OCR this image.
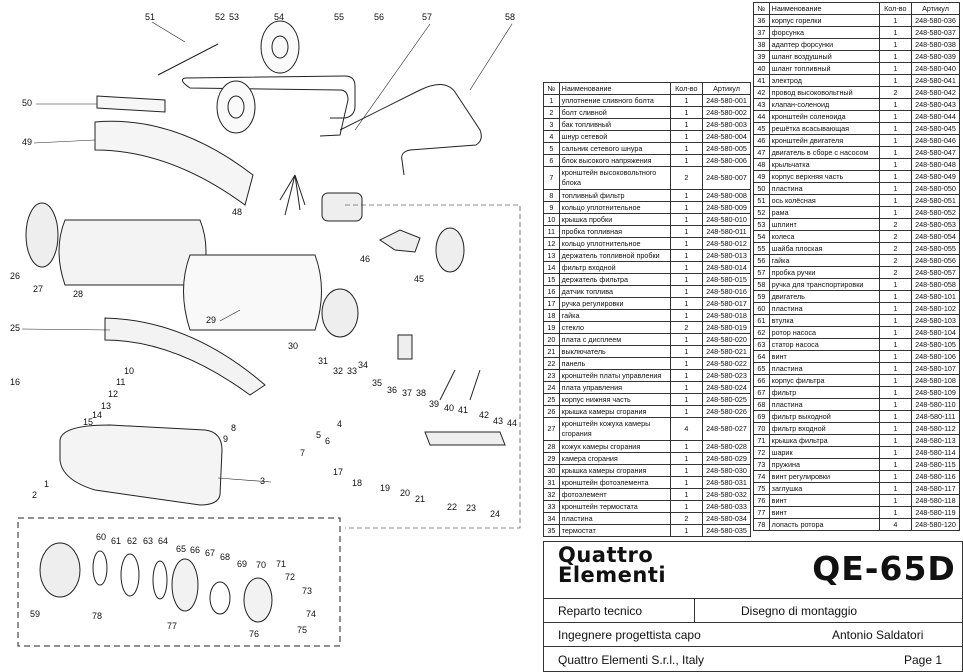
51	52 53	54	55	56	57	58
50
49
48
46
45
26
27	28
29
25
30
31
32 33
34
35
36 37 38
39 40 41 42
43 44
16
10
11
12
13
14
15
8
9
4
6
5
7
17
18 19 20
21
22 23
24
3
1
2
60 61 62 63 64
65 66 67 68
69 70 71
72
73
74
75
76
77
78
59
№	Наименование	Кол-во	Артикул
1	уплотнение сливного болта	1	248-580-001
2	болт сливной	1	248-580-002
3	бак топливный	1	248-580-003
4	шнур сетевой	1	248-580-004
5	сальник сетевого шнура	1	248-580-005
6	блок высокого напряжения	1	248-580-006
7	кронштейн высоковольтного блока	2	248-580-007
8	топливный фильтр	1	248-580-008
9	кольцо уплотнительное	1	248-580-009
10	крышка пробки	1	248-580-010
11	пробка топливная	1	248-580-011
12	кольцо уплотнительное	1	248-580-012
13	держатель топливной пробки	1	248-580-013
14	фильтр входной	1	248-580-014
15	держатель фильтра	1	248-580-015
16	датчик топлива	1	248-580-016
17	ручка регулировки	1	248-580-017
18	гайка	1	248-580-018
19	стекло	2	248-580-019
20	плата с дисплеем	1	248-580-020
21	выключатель	1	248-580-021
22	панель	1	248-580-022
23	кронштейн платы управления	1	248-580-023
24	плата управления	1	248-580-024
25	корпус нижняя часть	1	248-580-025
26	крышка камеры сгорания	1	248-580-026
27	кронштейн кожуха камеры сгорания	4	248-580-027
28	кожух камеры сгорания	1	248-580-028
29	камера сгорания	1	248-580-029
30	крышка камеры сгорания	1	248-580-030
31	кронштейн фотоэлемента	1	248-580-031
32	фотоэлемент	1	248-580-032
33	кронштейн термостата	1	248-580-033
34	пластина	2	248-580-034
35	термостат	1	248-580-035
№	Наименование	Кол-во	Артикул
36	корпус горелки	1	248-580-036
37	форсунка	1	248-580-037
38	адаптер форсунки	1	248-580-038
39	шланг воздушный	1	248-580-039
40	шланг топливный	1	248-580-040
41	электрод	1	248-580-041
42	провод высоковольтный	2	248-580-042
43	клапан-соленоид	1	248-580-043
44	кронштейн соленоида	1	248-580-044
45	решётка всасывающая	1	248-580-045
46	кронштейн двигателя	1	248-580-046
47	двигатель в сборе с насосом	1	248-580-047
48	крыльчатка	1	248-580-048
49	корпус верхняя часть	1	248-580-049
50	пластина	1	248-580-050
51	ось колёсная	1	248-580-051
52	рама	1	248-580-052
53	шплинт	2	248-580-053
54	колеса	2	248-580-054
55	шайба плоская	2	248-580-055
56	гайка	2	248-580-056
57	пробка ручки	2	248-580-057
58	ручка для транспортировки	1	248-580-058
59	двигатель	1	248-580-101
60	пластина	1	248-580-102
61	втулка	1	248-580-103
62	ротор насоса	1	248-580-104
63	статор насоса	1	248-580-105
64	винт	1	248-580-106
65	пластина	1	248-580-107
66	корпус фильтра	1	248-580-108
67	фильтр	1	248-580-109
68	пластина	1	248-580-110
69	фильтр выходной	1	248-580-111
70	фильтр входной	1	248-580-112
71	крышка фильтра	1	248-580-113
72	шарик	1	248-580-114
73	пружина	1	248-580-115
74	винт регулировки	1	248-580-116
75	заглушка	1	248-580-117
76	винт	1	248-580-118
77	винт	1	248-580-119
78	лопасть ротора	4	248-580-120
Quattro
Elementi	QE-65D
Reparto tecnico	Disegno di montaggio
Ingegnere progettista capo	Antonio Saldatori
Quattro Elementi S.r.l., Italy	Page 1
